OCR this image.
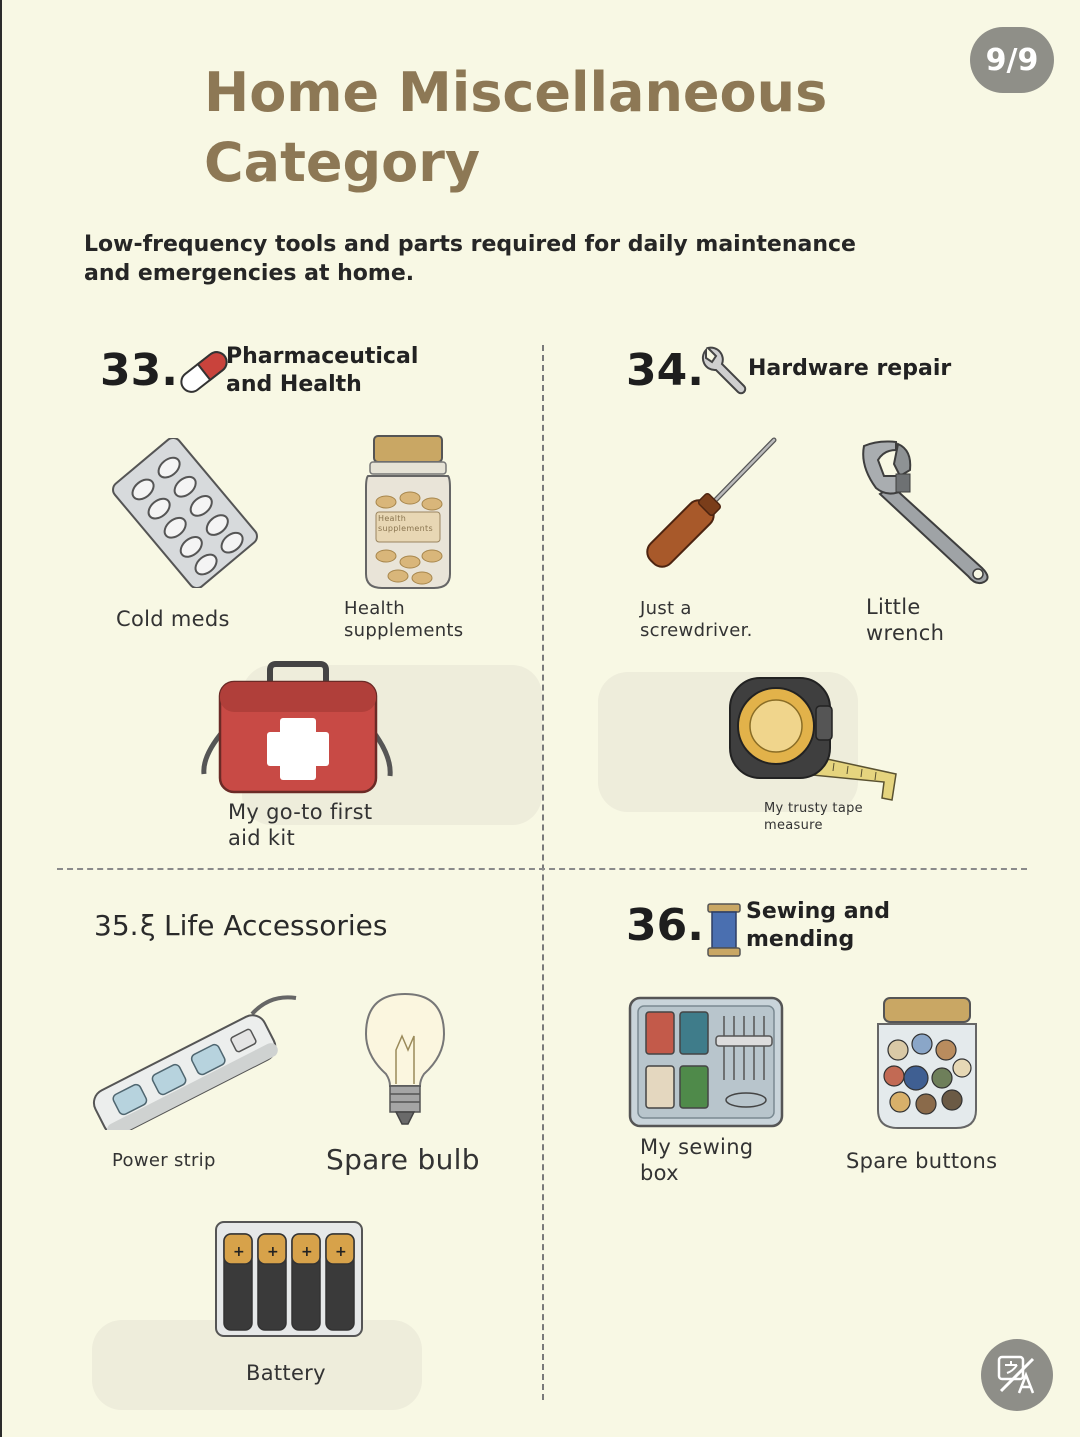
9/9
Home Miscellaneous Category
Low-frequency tools and parts required for daily maintenance and emergencies at home.
33. Pharmaceutical and Health
Cold meds
Health supplements
Health supplements
My go-to first aid kit
34. Hardware repair
Just a screwdriver.
Little wrench
My trusty tape measure
35. ξ Life Accessories
Power strip	Spare bulb
+ + + +
Battery
36. Sewing and mending
My sewing box	Spare buttons
